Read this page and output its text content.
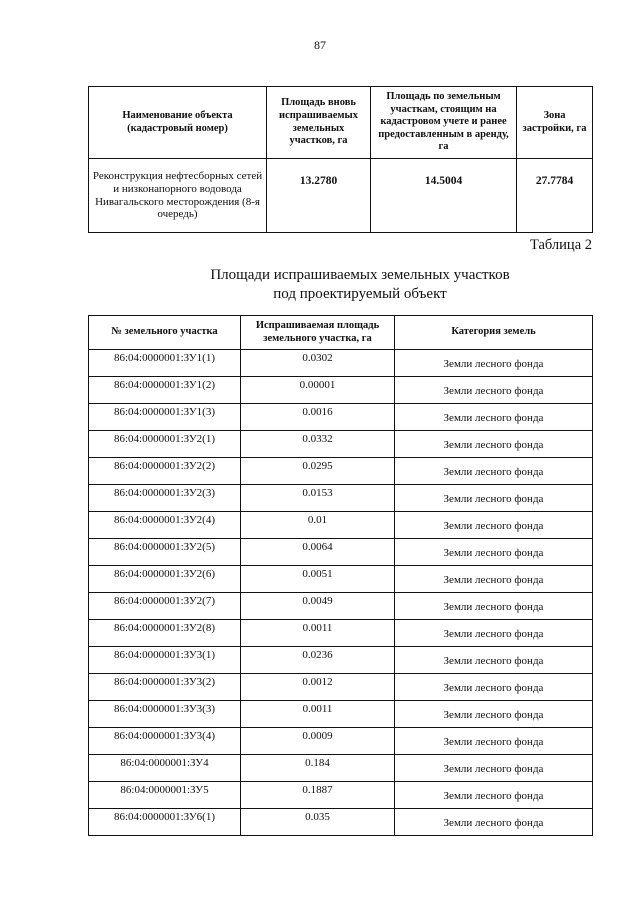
87
Наименование объекта (кадастровый номер)	Площадь вновь испрашиваемых земельных участков, га	Площадь по земельным участкам, стоящим на кадастровом учете и ранее предоставленным в аренду, га	Зона застройки, га
Реконструкция нефтесборных сетей и низконапорного водовода Нивагальского месторождения (8-я очередь)	13.2780	14.5004	27.7784
Таблица 2
Площади испрашиваемых земельных участков
под проектируемый объект
№ земельного участка	Испрашиваемая площадь земельного участка, га	Категория земель

86:04:0000001:ЗУ1(1)	0.0302	Земли лесного фонда

86:04:0000001:ЗУ1(2)	0.00001	Земли лесного фонда

86:04:0000001:ЗУ1(3)	0.0016	Земли лесного фонда

86:04:0000001:ЗУ2(1)	0.0332	Земли лесного фонда

86:04:0000001:ЗУ2(2)	0.0295	Земли лесного фонда

86:04:0000001:ЗУ2(3)	0.0153	Земли лесного фонда

86:04:0000001:ЗУ2(4)	0.01	Земли лесного фонда

86:04:0000001:ЗУ2(5)	0.0064	Земли лесного фонда

86:04:0000001:ЗУ2(6)	0.0051	Земли лесного фонда

86:04:0000001:ЗУ2(7)	0.0049	Земли лесного фонда

86:04:0000001:ЗУ2(8)	0.0011	Земли лесного фонда

86:04:0000001:ЗУ3(1)	0.0236	Земли лесного фонда

86:04:0000001:ЗУ3(2)	0.0012	Земли лесного фонда

86:04:0000001:ЗУ3(3)	0.0011	Земли лесного фонда

86:04:0000001:ЗУ3(4)	0.0009	Земли лесного фонда

86:04:0000001:ЗУ4	0.184	Земли лесного фонда

86:04:0000001:ЗУ5	0.1887	Земли лесного фонда

86:04:0000001:ЗУ6(1)	0.035	Земли лесного фонда
